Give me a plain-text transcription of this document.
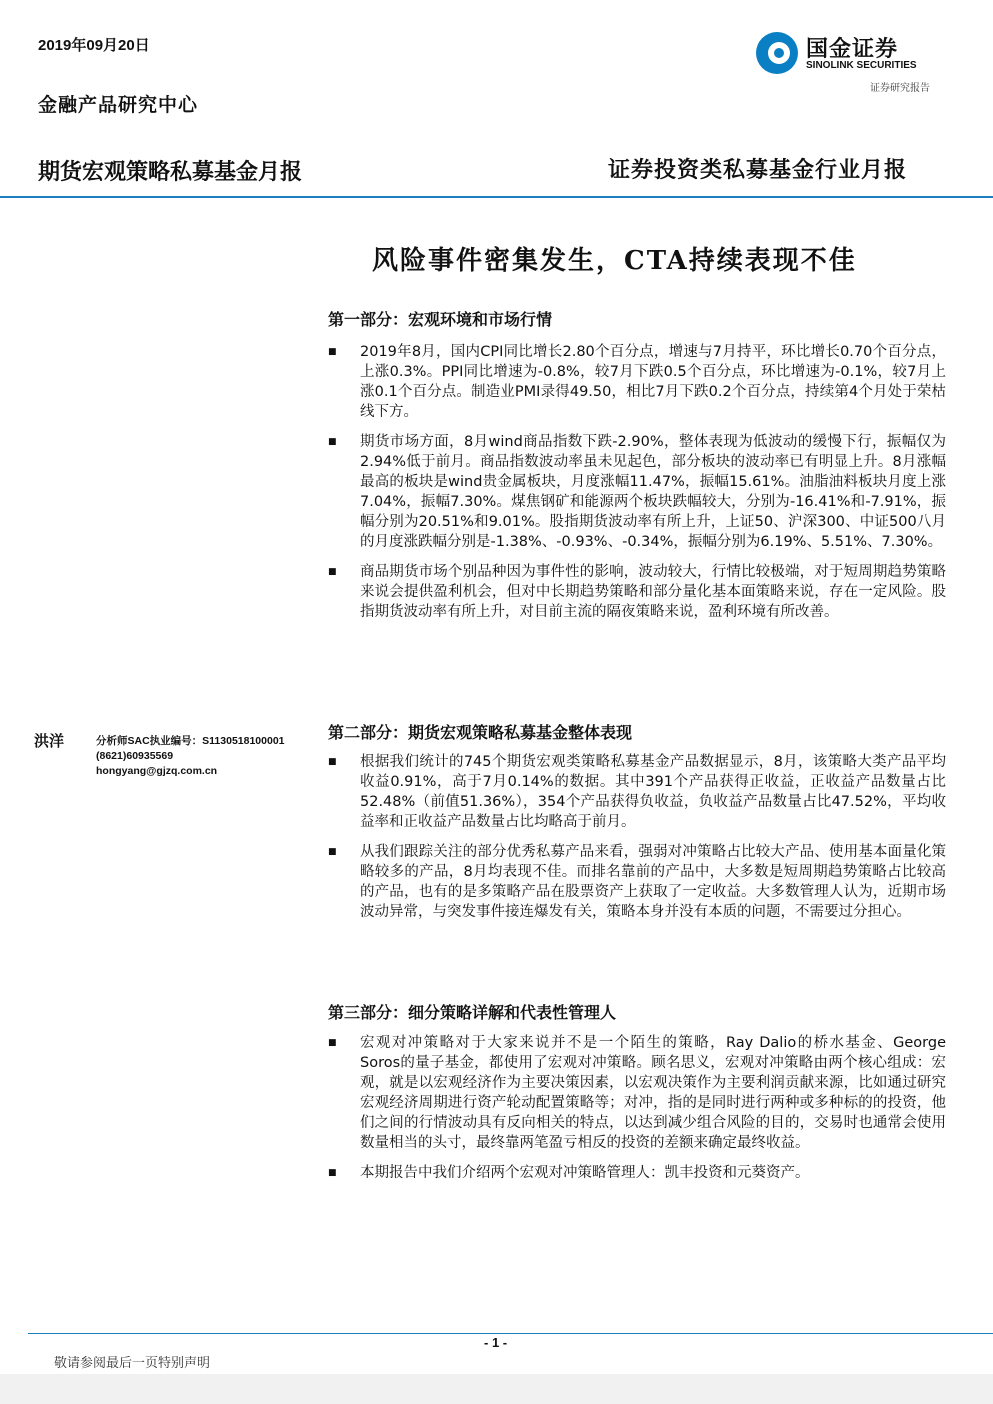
2019年09月20日
金融产品研究中心
国金证券
SINOLINK SECURITIES
证券研究报告
期货宏观策略私募基金月报	证券投资类私募基金行业月报
风险事件密集发生，CTA持续表现不佳
第一部分：宏观环境和市场行情
■ 2019年8月，国内CPI同比增长2.80个百分点，增速与7月持平，环比增长0.70个百分点，上涨0.3%。PPI同比增速为-0.8%，较7月下跌0.5个百分点，环比增速为-0.1%，较7月上涨0.1个百分点。制造业PMI录得49.50，相比7月下跌0.2个百分点，持续第4个月处于荣枯线下方。
■ 期货市场方面，8月wind商品指数下跌-2.90%，整体表现为低波动的缓慢下行，振幅仅为2.94%低于前月。商品指数波动率虽未见起色，部分板块的波动率已有明显上升。8月涨幅最高的板块是wind贵金属板块，月度涨幅11.47%，振幅15.61%。油脂油料板块月度上涨7.04%，振幅7.30%。煤焦钢矿和能源两个板块跌幅较大，分别为-16.41%和-7.91%，振幅分别为20.51%和9.01%。股指期货波动率有所上升，上证50、沪深300、中证500八月的月度涨跌幅分别是-1.38%、-0.93%、-0.34%，振幅分别为6.19%、5.51%、7.30%。
■ 商品期货市场个别品种因为事件性的影响，波动较大，行情比较极端，对于短周期趋势策略来说会提供盈利机会，但对中长期趋势策略和部分量化基本面策略来说，存在一定风险。股指期货波动率有所上升，对目前主流的隔夜策略来说，盈利环境有所改善。
洪洋	分析师SAC执业编号：S1130518100001
(8621)60935569
hongyang@gjzq.com.cn
第二部分：期货宏观策略私募基金整体表现
■ 根据我们统计的745个期货宏观类策略私募基金产品数据显示，8月，该策略大类产品平均收益0.91%，高于7月0.14%的数据。其中391个产品获得正收益，正收益产品数量占比52.48%（前值51.36%），354个产品获得负收益，负收益产品数量占比47.52%，平均收益率和正收益产品数量占比均略高于前月。
■ 从我们跟踪关注的部分优秀私募产品来看，强弱对冲策略占比较大产品、使用基本面量化策略较多的产品，8月均表现不佳。而排名靠前的产品中，大多数是短周期趋势策略占比较高的产品，也有的是多策略产品在股票资产上获取了一定收益。大多数管理人认为，近期市场波动异常，与突发事件接连爆发有关，策略本身并没有本质的问题，不需要过分担心。
第三部分：细分策略详解和代表性管理人
■ 宏观对冲策略对于大家来说并不是一个陌生的策略，Ray Dalio的桥水基金、George Soros的量子基金，都使用了宏观对冲策略。顾名思义，宏观对冲策略由两个核心组成：宏观，就是以宏观经济作为主要决策因素，以宏观决策作为主要利润贡献来源，比如通过研究宏观经济周期进行资产轮动配置策略等；对冲，指的是同时进行两种或多种标的的投资，他们之间的行情波动具有反向相关的特点，以达到减少组合风险的目的，交易时也通常会使用数量相当的头寸，最终靠两笔盈亏相反的投资的差额来确定最终收益。
■ 本期报告中我们介绍两个宏观对冲策略管理人：凯丰投资和元葵资产。
- 1 -
敬请参阅最后一页特别声明
